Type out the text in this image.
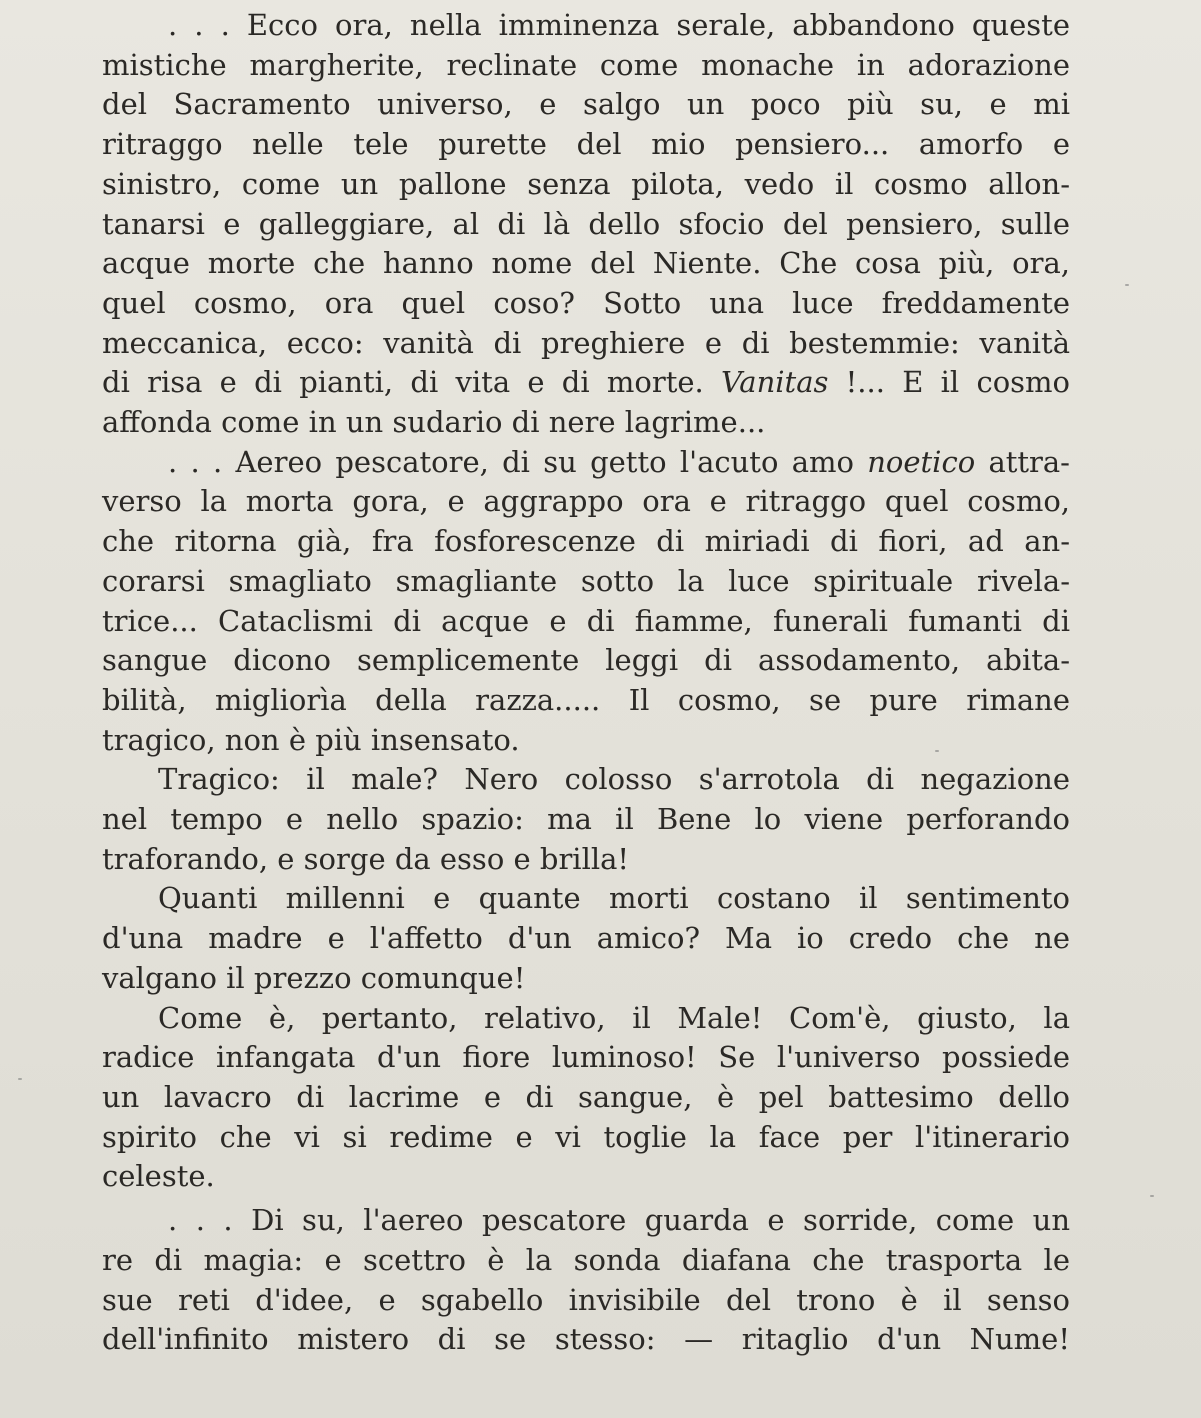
. . . Ecco ora, nella imminenza serale, abbandono queste
mistiche margherite, reclinate come monache in adorazione
del Sacramento universo, e salgo un poco più su, e mi
ritraggo nelle tele purette del mio pensiero... amorfo e
sinistro, come un pallone senza pilota, vedo il cosmo allon-
tanarsi e galleggiare, al di là dello sfocio del pensiero, sulle
acque morte che hanno nome del Niente. Che cosa più, ora,
quel cosmo, ora quel coso? Sotto una luce freddamente
meccanica, ecco: vanità di preghiere e di bestemmie: vanità
di risa e di pianti, di vita e di morte. Vanitas !... E il cosmo
affonda come in un sudario di nere lagrime...
. . . Aereo pescatore, di su getto l'acuto amo noetico attra-
verso la morta gora, e aggrappo ora e ritraggo quel cosmo,
che ritorna già, fra fosforescenze di miriadi di fiori, ad an-
corarsi smagliato smagliante sotto la luce spirituale rivela-
trice... Cataclismi di acque e di fiamme, funerali fumanti di
sangue dicono semplicemente leggi di assodamento, abita-
bilità, migliorìa della razza..... Il cosmo, se pure rimane
tragico, non è più insensato.
Tragico: il male? Nero colosso s'arrotola di negazione
nel tempo e nello spazio: ma il Bene lo viene perforando
traforando, e sorge da esso e brilla!
Quanti millenni e quante morti costano il sentimento
d'una madre e l'affetto d'un amico? Ma io credo che ne
valgano il prezzo comunque!
Come è, pertanto, relativo, il Male! Com'è, giusto, la
radice infangata d'un fiore luminoso! Se l'universo possiede
un lavacro di lacrime e di sangue, è pel battesimo dello
spirito che vi si redime e vi toglie la face per l'itinerario
celeste.
. . . Di su, l'aereo pescatore guarda e sorride, come un
re di magia: e scettro è la sonda diafana che trasporta le
sue reti d'idee, e sgabello invisibile del trono è il senso
dell'infinito mistero di se stesso: — ritaglio d'un Nume!
